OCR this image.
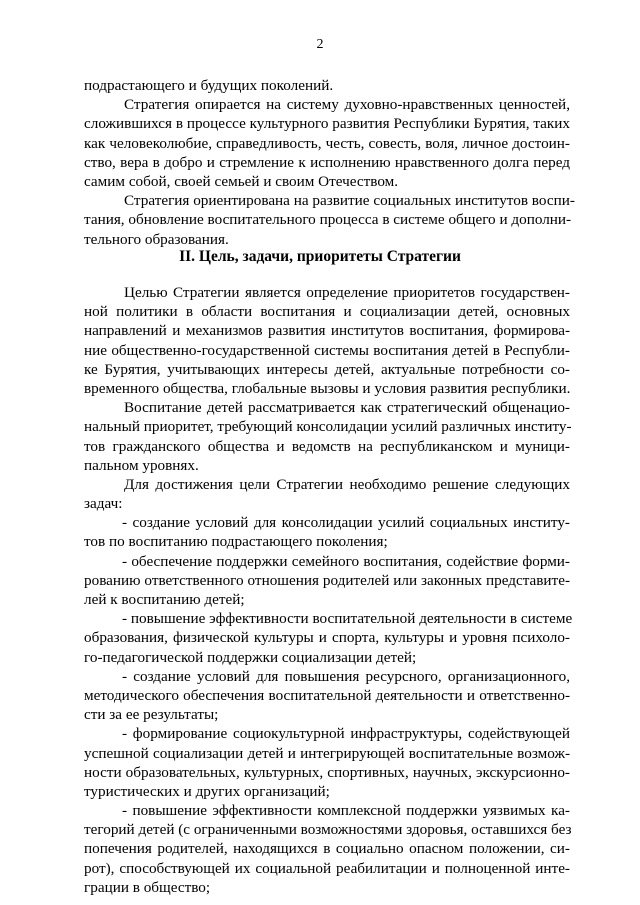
2
подрастающего и будущих поколений.
Стратегия опирается на систему духовно-нравственных ценностей,
сложившихся в процессе культурного развития Республики Бурятия, таких
как человеколюбие, справедливость, честь, совесть, воля, личное достоин-
ство, вера в добро и стремление к исполнению нравственного долга перед
самим собой, своей семьей и своим Отечеством.
Стратегия ориентирована на развитие социальных институтов воспи-
тания, обновление воспитательного процесса в системе общего и дополни-
тельного образования.
II. Цель, задачи, приоритеты Стратегии
Целью Стратегии является определение приоритетов государствен-
ной политики в области воспитания и социализации детей, основных
направлений и механизмов развития институтов воспитания, формирова-
ние общественно-государственной системы воспитания детей в Республи-
ке Бурятия, учитывающих интересы детей, актуальные потребности со-
временного общества, глобальные вызовы и условия развития республики.
Воспитание детей рассматривается как стратегический общенацио-
нальный приоритет, требующий консолидации усилий различных институ-
тов гражданского общества и ведомств на республиканском и муници-
пальном уровнях.
Для достижения цели Стратегии необходимо решение следующих
задач:
- создание условий для консолидации усилий социальных институ-
тов по воспитанию подрастающего поколения;
- обеспечение поддержки семейного воспитания, содействие форми-
рованию ответственного отношения родителей или законных представите-
лей к воспитанию детей;
- повышение эффективности воспитательной деятельности в системе
образования, физической культуры и спорта, культуры и уровня психоло-
го-педагогической поддержки социализации детей;
- создание условий для повышения ресурсного, организационного,
методического обеспечения воспитательной деятельности и ответственно-
сти за ее результаты;
- формирование социокультурной инфраструктуры, содействующей
успешной социализации детей и интегрирующей воспитательные возмож-
ности образовательных, культурных, спортивных, научных, экскурсионно-
туристических и других организаций;
- повышение эффективности комплексной поддержки уязвимых ка-
тегорий детей (с ограниченными возможностями здоровья, оставшихся без
попечения родителей, находящихся в социально опасном положении, си-
рот), способствующей их социальной реабилитации и полноценной инте-
грации в общество;
